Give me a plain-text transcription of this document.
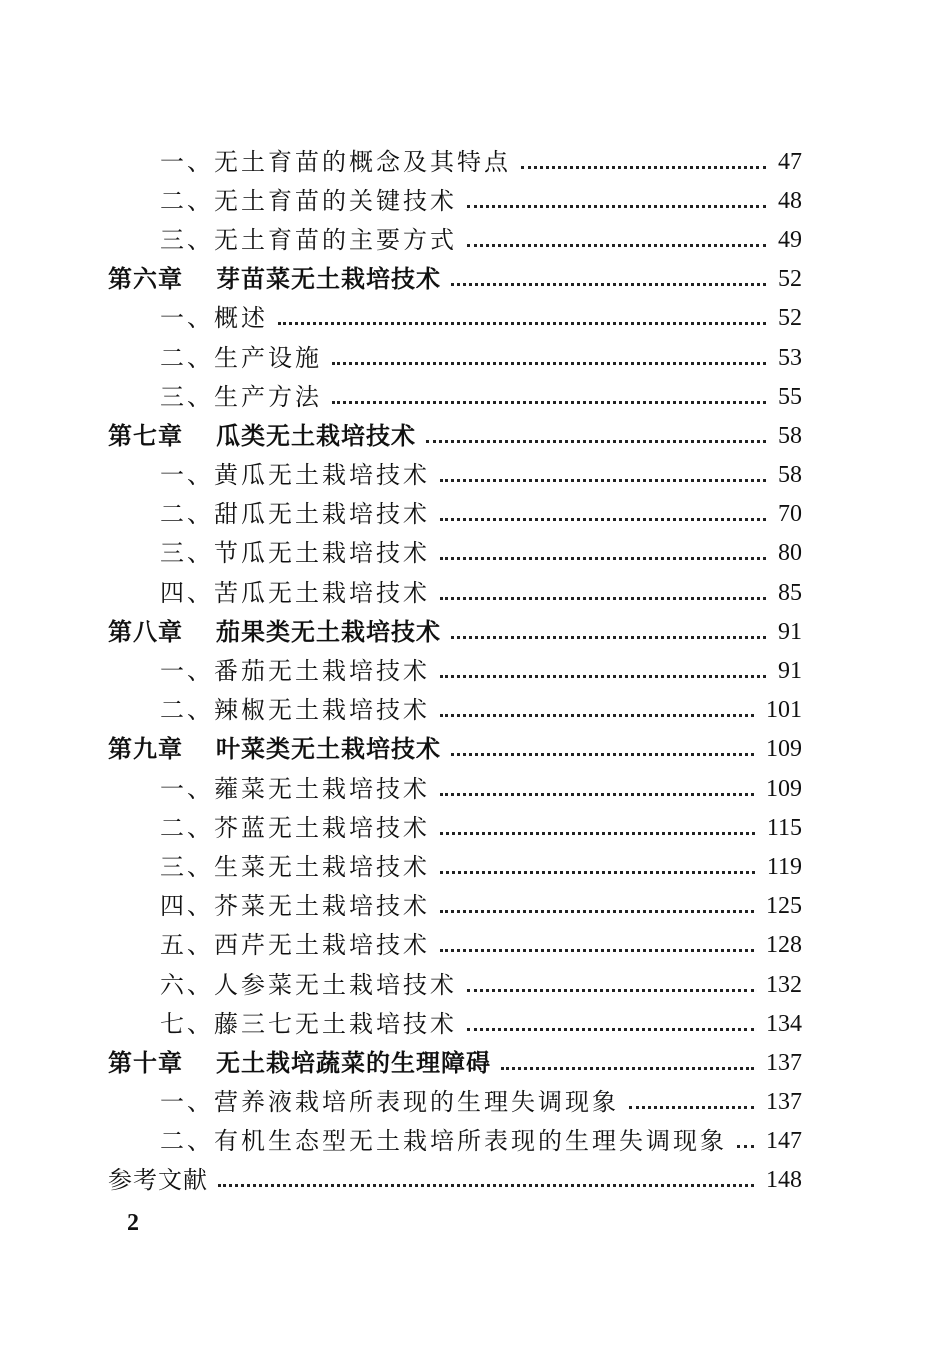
一、无土育苗的概念及其特点	47
二、无土育苗的关键技术	48
三、无土育苗的主要方式	49
第六章 芽苗菜无土栽培技术	52
一、概述	52
二、生产设施	53
三、生产方法	55
第七章 瓜类无土栽培技术	58
一、黄瓜无土栽培技术	58
二、甜瓜无土栽培技术	70
三、节瓜无土栽培技术	80
四、苦瓜无土栽培技术	85
第八章 茄果类无土栽培技术	91
一、番茄无土栽培技术	91
二、辣椒无土栽培技术	101
第九章 叶菜类无土栽培技术	109
一、蕹菜无土栽培技术	109
二、芥蓝无土栽培技术	115
三、生菜无土栽培技术	119
四、芥菜无土栽培技术	125
五、西芹无土栽培技术	128
六、人参菜无土栽培技术	132
七、藤三七无土栽培技术	134
第十章 无土栽培蔬菜的生理障碍	137
一、营养液栽培所表现的生理失调现象	137
二、有机生态型无土栽培所表现的生理失调现象 147
参考文献	148
2
